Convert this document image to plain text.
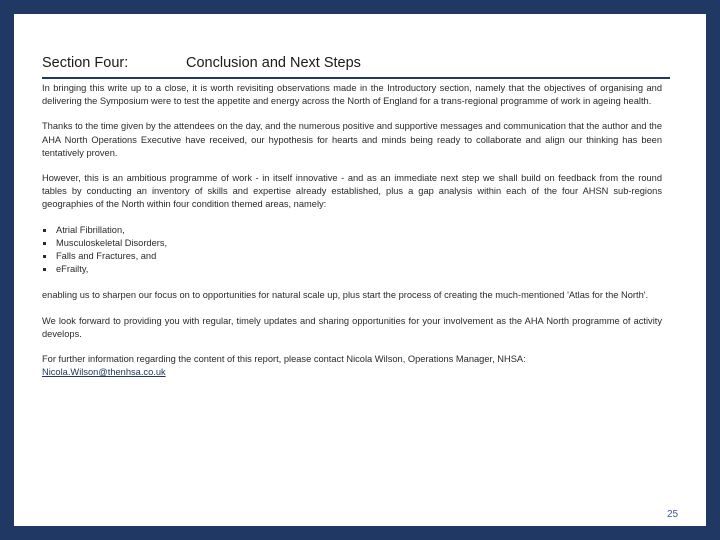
Section Four:	Conclusion and Next Steps

In bringing this write up to a close, it is worth revisiting observations made in the Introductory section, namely that the objectives of organising and delivering the Symposium were to test the appetite and energy across the North of England for a trans-regional programme of work in ageing health.

Thanks to the time given by the attendees on the day, and the numerous positive and supportive messages and communication that the author and the AHA North Operations Executive have received, our hypothesis for hearts and minds being ready to collaborate and align our thinking has been tentatively proven.

However, this is an ambitious programme of work - in itself innovative - and as an immediate next step we shall build on feedback from the round tables by conducting an inventory of skills and expertise already established, plus a gap analysis within each of the four AHSN sub-regions geographies of the North within four condition themed areas, namely:

Atrial Fibrillation,
Musculoskeletal Disorders,
Falls and Fractures, and
eFrailty,

enabling us to sharpen our focus on to opportunities for natural scale up, plus start the process of creating the much-mentioned 'Atlas for the North'.

We look forward to providing you with regular, timely updates and sharing opportunities for your involvement as the AHA North programme of activity develops.

For further information regarding the content of this report, please contact Nicola Wilson, Operations Manager, NHSA:
Nicola.Wilson@thenhsa.co.uk

25
